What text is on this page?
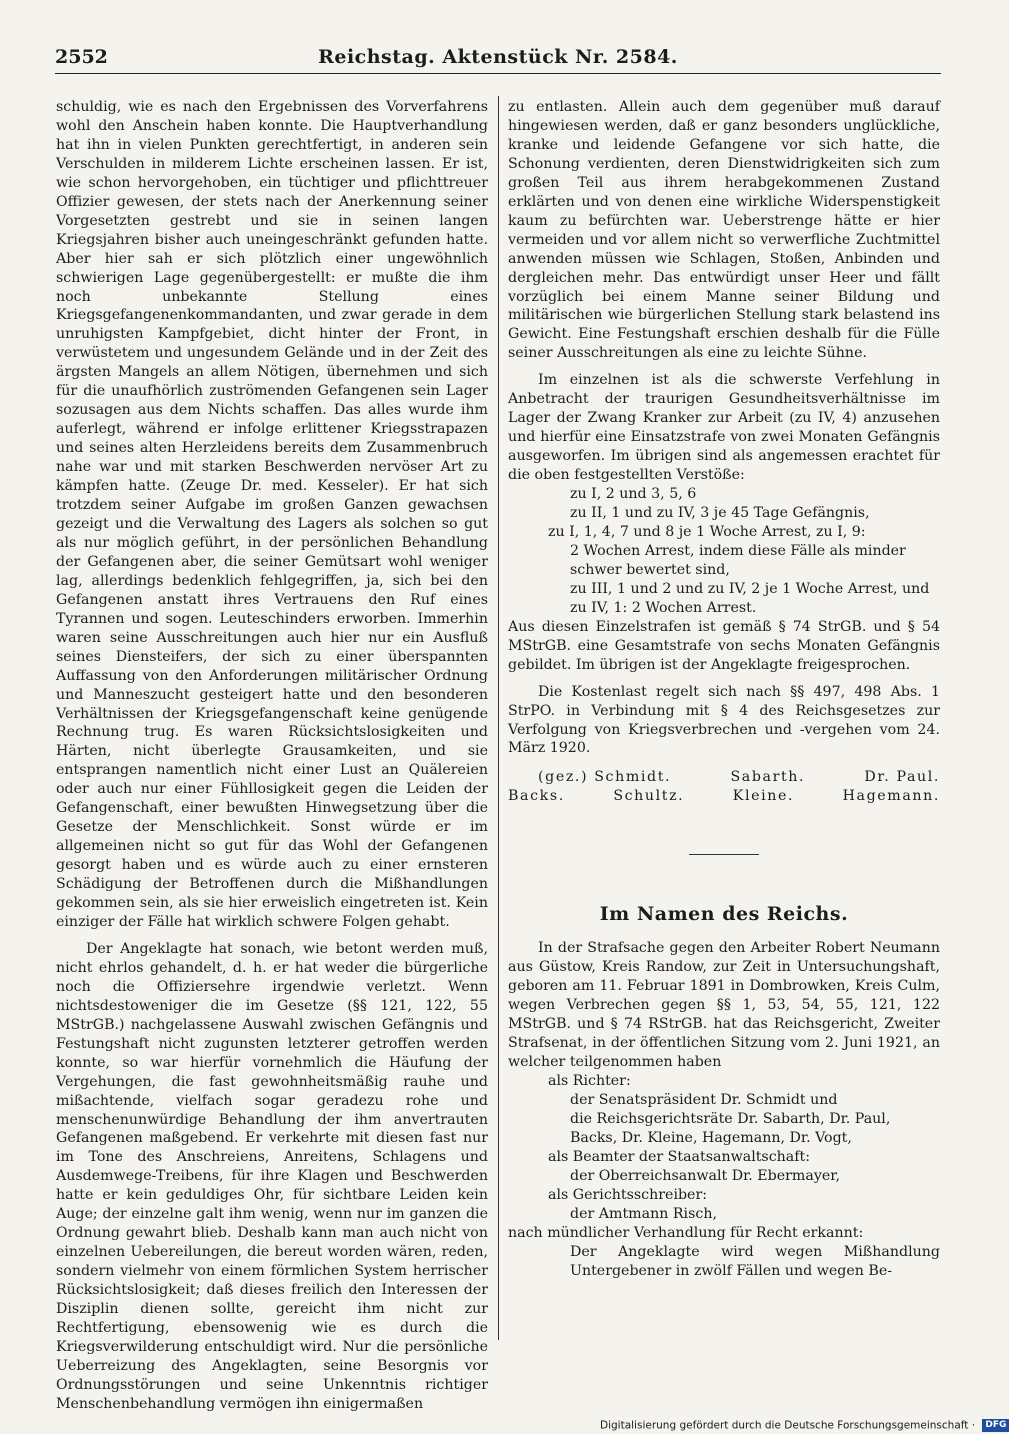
2552	Reichstag. Aktenstück Nr. 2584.

schuldig, wie es nach den Ergebnissen des Vorverfahrens wohl den Anschein haben konnte. Die Hauptverhandlung hat ihn in vielen Punkten gerechtfertigt, in anderen sein Verschulden in milderem Lichte erscheinen lassen. Er ist, wie schon hervorgehoben, ein tüchtiger und pflichttreuer Offizier gewesen, der stets nach der Anerkennung seiner Vorgesetzten gestrebt und sie in seinen langen Kriegsjahren bisher auch uneingeschränkt gefunden hatte. Aber hier sah er sich plötzlich einer ungewöhnlich schwierigen Lage gegenübergestellt: er mußte die ihm noch unbekannte Stellung eines Kriegsgefangenenkommandanten, und zwar gerade in dem unruhigsten Kampfgebiet, dicht hinter der Front, in verwüstetem und ungesundem Gelände und in der Zeit des ärgsten Mangels an allem Nötigen, übernehmen und sich für die unaufhörlich zuströmenden Gefangenen sein Lager sozusagen aus dem Nichts schaffen. Das alles wurde ihm auferlegt, während er infolge erlittener Kriegsstrapazen und seines alten Herzleidens bereits dem Zusammenbruch nahe war und mit starken Beschwerden nervöser Art zu kämpfen hatte. (Zeuge Dr. med. Kesseler). Er hat sich trotzdem seiner Aufgabe im großen Ganzen gewachsen gezeigt und die Verwaltung des Lagers als solchen so gut als nur möglich geführt, in der persönlichen Behandlung der Gefangenen aber, die seiner Gemütsart wohl weniger lag, allerdings bedenklich fehlgegriffen, ja, sich bei den Gefangenen anstatt ihres Vertrauens den Ruf eines Tyrannen und sogen. Leuteschinders erworben. Immerhin waren seine Ausschreitungen auch hier nur ein Ausfluß seines Diensteifers, der sich zu einer überspannten Auffassung von den Anforderungen militärischer Ordnung und Manneszucht gesteigert hatte und den besonderen Verhältnissen der Kriegsgefangenschaft keine genügende Rechnung trug. Es waren Rücksichtslosigkeiten und Härten, nicht überlegte Grausamkeiten, und sie entsprangen namentlich nicht einer Lust an Quälereien oder auch nur einer Fühllosigkeit gegen die Leiden der Gefangenschaft, einer bewußten Hinwegsetzung über die Gesetze der Menschlichkeit. Sonst würde er im allgemeinen nicht so gut für das Wohl der Gefangenen gesorgt haben und es würde auch zu einer ernsteren Schädigung der Betroffenen durch die Mißhandlungen gekommen sein, als sie hier erweislich eingetreten ist. Kein einziger der Fälle hat wirklich schwere Folgen gehabt.

Der Angeklagte hat sonach, wie betont werden muß, nicht ehrlos gehandelt, d. h. er hat weder die bürgerliche noch die Offiziersehre irgendwie verletzt. Wenn nichtsdestoweniger die im Gesetze (§§ 121, 122, 55 MStrGB.) nachgelassene Auswahl zwischen Gefängnis und Festungshaft nicht zugunsten letzterer getroffen werden konnte, so war hierfür vornehmlich die Häufung der Vergehungen, die fast gewohnheitsmäßig rauhe und mißachtende, vielfach sogar geradezu rohe und menschenunwürdige Behandlung der ihm anvertrauten Gefangenen maßgebend. Er verkehrte mit diesen fast nur im Tone des Anschreiens, Anreitens, Schlagens und Ausdemwege-Treibens, für ihre Klagen und Beschwerden hatte er kein geduldiges Ohr, für sichtbare Leiden kein Auge; der einzelne galt ihm wenig, wenn nur im ganzen die Ordnung gewahrt blieb. Deshalb kann man auch nicht von einzelnen Uebereilungen, die bereut worden wären, reden, sondern vielmehr von einem förmlichen System herrischer Rücksichtslosigkeit; daß dieses freilich den Interessen der Disziplin dienen sollte, gereicht ihm nicht zur Rechtfertigung, ebensowenig wie es durch die Kriegsverwilderung entschuldigt wird. Nur die persönliche Ueberreizung des Angeklagten, seine Besorgnis vor Ordnungsstörungen und seine Unkenntnis richtiger Menschenbehandlung vermögen ihn einigermaßen

zu entlasten. Allein auch dem gegenüber muß darauf hingewiesen werden, daß er ganz besonders unglückliche, kranke und leidende Gefangene vor sich hatte, die Schonung verdienten, deren Dienstwidrigkeiten sich zum großen Teil aus ihrem herabgekommenen Zustand erklärten und von denen eine wirkliche Widerspenstigkeit kaum zu befürchten war. Ueberstrenge hätte er hier vermeiden und vor allem nicht so verwerfliche Zuchtmittel anwenden müssen wie Schlagen, Stoßen, Anbinden und dergleichen mehr. Das entwürdigt unser Heer und fällt vorzüglich bei einem Manne seiner Bildung und militärischen wie bürgerlichen Stellung stark belastend ins Gewicht. Eine Festungshaft erschien deshalb für die Fülle seiner Ausschreitungen als eine zu leichte Sühne.

Im einzelnen ist als die schwerste Verfehlung in Anbetracht der traurigen Gesundheitsverhältnisse im Lager der Zwang Kranker zur Arbeit (zu IV, 4) anzusehen und hierfür eine Einsatzstrafe von zwei Monaten Gefängnis ausgeworfen. Im übrigen sind als angemessen erachtet für die oben festgestellten Verstöße:

zu I, 2 und 3, 5, 6
zu II, 1 und zu IV, 3 je 45 Tage Gefängnis,
zu I, 1, 4, 7 und 8 je 1 Woche Arrest, zu I, 9:
2 Wochen Arrest, indem diese Fälle als minder schwer bewertet sind,
zu III, 1 und 2 und zu IV, 2 je 1 Woche Arrest, und zu IV, 1: 2 Wochen Arrest.

Aus diesen Einzelstrafen ist gemäß § 74 StrGB. und § 54 MStrGB. eine Gesamtstrafe von sechs Monaten Gefängnis gebildet. Im übrigen ist der Angeklagte freigesprochen.

Die Kostenlast regelt sich nach §§ 497, 498 Abs. 1 StrPO. in Verbindung mit § 4 des Reichsgesetzes zur Verfolgung von Kriegsverbrechen und -vergehen vom 24. März 1920.

(gez.) Schmidt.	Sabarth.	Dr. Paul.
Backs.	Schultz.	Kleine.	Hagemann.
Im Namen des Reichs.

In der Strafsache gegen den Arbeiter Robert Neumann aus Güstow, Kreis Randow, zur Zeit in Untersuchungshaft, geboren am 11. Februar 1891 in Dombrowken, Kreis Culm, wegen Verbrechen gegen §§ 1, 53, 54, 55, 121, 122 MStrGB. und § 74 RStrGB. hat das Reichsgericht, Zweiter Strafsenat, in der öffentlichen Sitzung vom 2. Juni 1921, an welcher teilgenommen haben

als Richter:

der Senatspräsident Dr. Schmidt und

die Reichsgerichtsräte Dr. Sabarth, Dr. Paul, Backs, Dr. Kleine, Hagemann, Dr. Vogt,

als Beamter der Staatsanwaltschaft:

der Oberreichsanwalt Dr. Ebermayer,

als Gerichtsschreiber:

der Amtmann Risch,

nach mündlicher Verhandlung für Recht erkannt:

Der Angeklagte wird wegen Mißhandlung Untergebener in zwölf Fällen und wegen Be-

Digitalisierung gefördert durch die Deutsche Forschungsgemeinschaft · DFG
